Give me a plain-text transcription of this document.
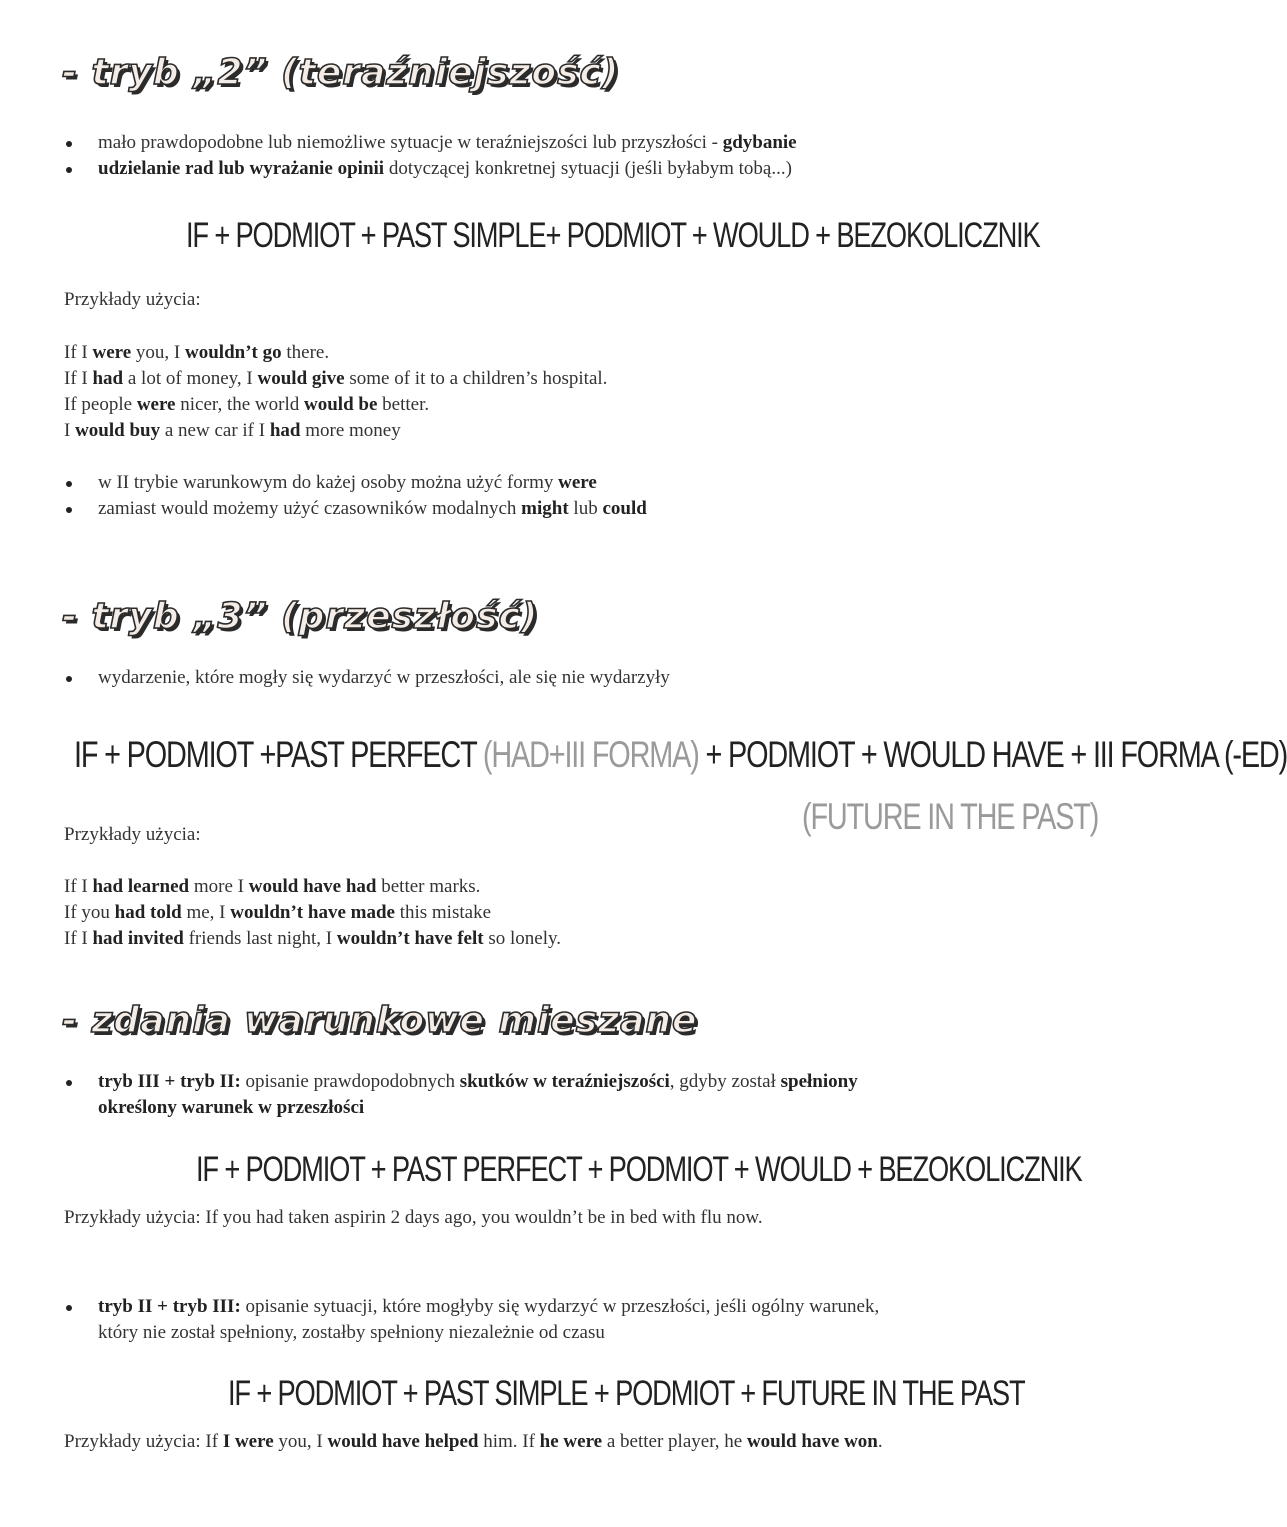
- tryb „2” (teraźniejszość)
mało prawdopodobne lub niemożliwe sytuacje w teraźniejszości lub przyszłości - gdybanie
udzielanie rad lub wyrażanie opinii dotyczącej konkretnej sytuacji (jeśli byłabym tobą...)
IF + PODMIOT + PAST SIMPLE+ PODMIOT + WOULD + BEZOKOLICZNIK
Przykłady użycia:
If I were you, I wouldn’t go there.
If I had a lot of money, I would give some of it to a children’s hospital.
If people were nicer, the world would be better.
I would buy a new car if I had more money
w II trybie warunkowym do każej osoby można użyć formy were
zamiast would możemy użyć czasowników modalnych might lub could
- tryb „3” (przeszłość)
wydarzenie, które mogły się wydarzyć w przeszłości, ale się nie wydarzyły
IF + PODMIOT +PAST PERFECT (HAD+III FORMA) + PODMIOT + WOULD HAVE + III FORMA (-ED)
(FUTURE IN THE PAST)
Przykłady użycia:
If I had learned more I would have had better marks.
If you had told me, I wouldn’t have made this mistake
If I had invited friends last night, I wouldn’t have felt so lonely.
- zdania warunkowe mieszane
tryb III + tryb II: opisanie prawdopodobnych skutków w teraźniejszości, gdyby został spełniony
określony warunek w przeszłości
IF + PODMIOT + PAST PERFECT + PODMIOT + WOULD + BEZOKOLICZNIK
Przykłady użycia: If you had taken aspirin 2 days ago, you wouldn’t be in bed with flu now.
tryb II + tryb III: opisanie sytuacji, które mogłyby się wydarzyć w przeszłości, jeśli ogólny warunek,
który nie został spełniony, zostałby spełniony niezależnie od czasu
IF + PODMIOT + PAST SIMPLE + PODMIOT + FUTURE IN THE PAST
Przykłady użycia: If I were you, I would have helped him. If he were a better player, he would have won.
